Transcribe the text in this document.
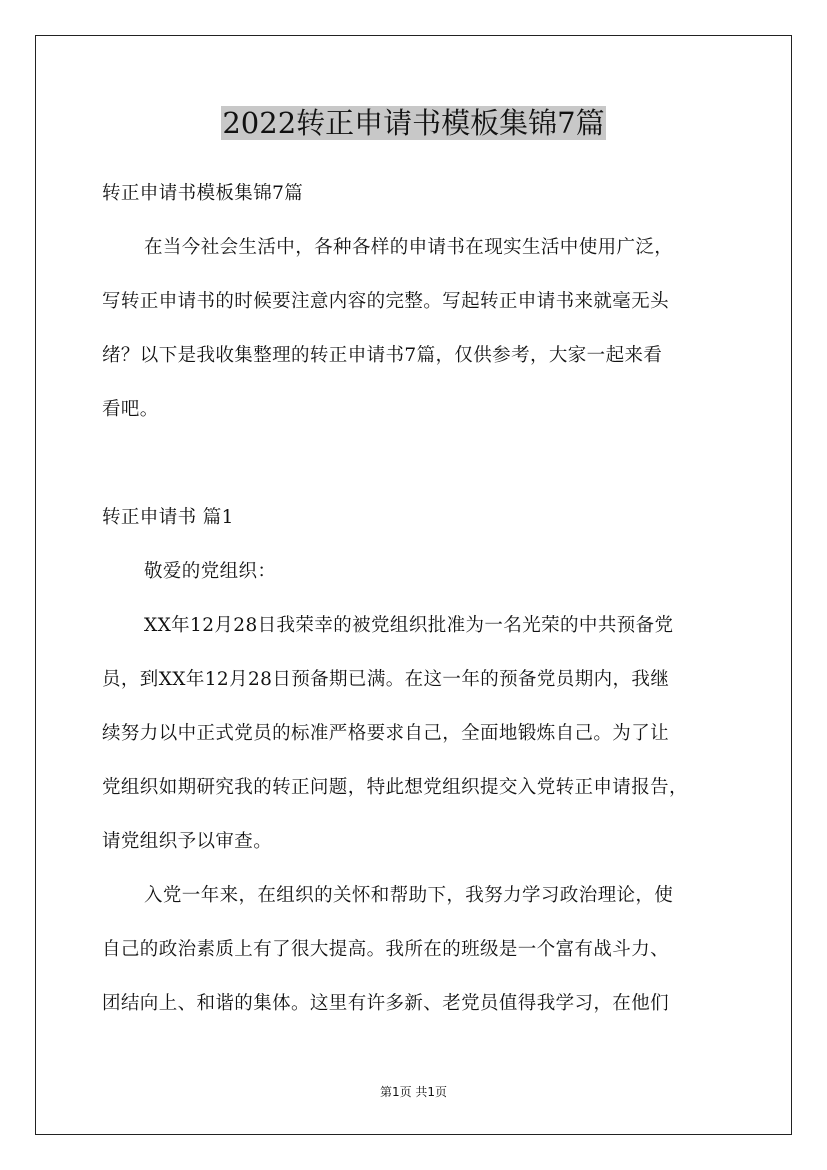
2022转正申请书模板集锦7篇
转正申请书模板集锦7篇
在当今社会生活中，各种各样的申请书在现实生活中使用广泛，
写转正申请书的时候要注意内容的完整。写起转正申请书来就毫无头
绪？以下是我收集整理的转正申请书7篇，仅供参考，大家一起来看
看吧。
转正申请书 篇1
敬爱的党组织：
XX年12月28日我荣幸的被党组织批准为一名光荣的中共预备党
员，到XX年12月28日预备期已满。在这一年的预备党员期内，我继
续努力以中正式党员的标准严格要求自己，全面地锻炼自己。为了让
党组织如期研究我的转正问题，特此想党组织提交入党转正申请报告，
请党组织予以审查。
入党一年来，在组织的关怀和帮助下，我努力学习政治理论，使
自己的政治素质上有了很大提高。我所在的班级是一个富有战斗力、
团结向上、和谐的集体。这里有许多新、老党员值得我学习，在他们
第1页 共1页
